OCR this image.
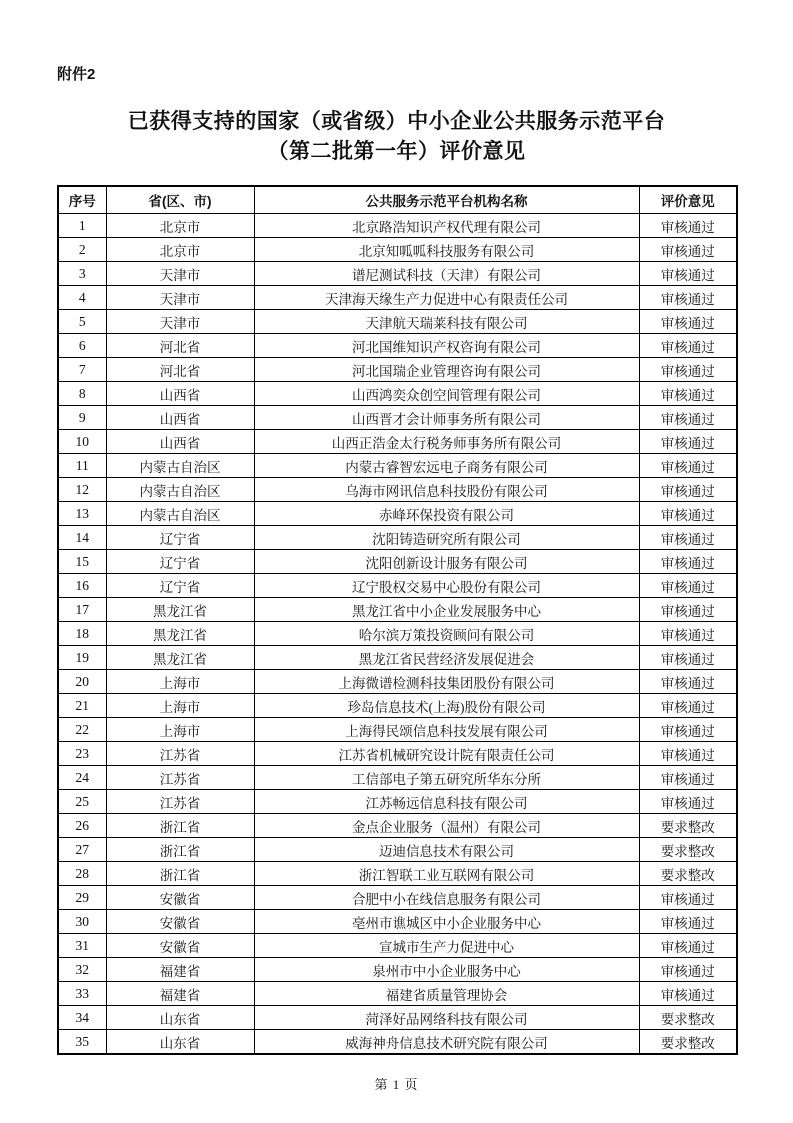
附件2
已获得支持的国家（或省级）中小企业公共服务示范平台
（第二批第一年）评价意见
序号	省(区、市)	公共服务示范平台机构名称	评价意见
1	北京市	北京路浩知识产权代理有限公司	审核通过
2	北京市	北京知呱呱科技服务有限公司	审核通过
3	天津市	谱尼测试科技（天津）有限公司	审核通过
4	天津市	天津海天缘生产力促进中心有限责任公司	审核通过
5	天津市	天津航天瑞莱科技有限公司	审核通过
6	河北省	河北国维知识产权咨询有限公司	审核通过
7	河北省	河北国瑞企业管理咨询有限公司	审核通过
8	山西省	山西鸿奕众创空间管理有限公司	审核通过
9	山西省	山西晋才会计师事务所有限公司	审核通过
10	山西省	山西正浩金太行税务师事务所有限公司	审核通过
11	内蒙古自治区	内蒙古睿智宏远电子商务有限公司	审核通过
12	内蒙古自治区	乌海市网讯信息科技股份有限公司	审核通过
13	内蒙古自治区	赤峰环保投资有限公司	审核通过
14	辽宁省	沈阳铸造研究所有限公司	审核通过
15	辽宁省	沈阳创新设计服务有限公司	审核通过
16	辽宁省	辽宁股权交易中心股份有限公司	审核通过
17	黑龙江省	黑龙江省中小企业发展服务中心	审核通过
18	黑龙江省	哈尔滨万策投资顾问有限公司	审核通过
19	黑龙江省	黑龙江省民营经济发展促进会	审核通过
20	上海市	上海微谱检测科技集团股份有限公司	审核通过
21	上海市	珍岛信息技术(上海)股份有限公司	审核通过
22	上海市	上海得民颂信息科技发展有限公司	审核通过
23	江苏省	江苏省机械研究设计院有限责任公司	审核通过
24	江苏省	工信部电子第五研究所华东分所	审核通过
25	江苏省	江苏畅远信息科技有限公司	审核通过
26	浙江省	金点企业服务（温州）有限公司	要求整改
27	浙江省	迈迪信息技术有限公司	要求整改
28	浙江省	浙江智联工业互联网有限公司	要求整改
29	安徽省	合肥中小在线信息服务有限公司	审核通过
30	安徽省	亳州市谯城区中小企业服务中心	审核通过
31	安徽省	宣城市生产力促进中心	审核通过
32	福建省	泉州市中小企业服务中心	审核通过
33	福建省	福建省质量管理协会	审核通过
34	山东省	菏泽好品网络科技有限公司	要求整改
35	山东省	威海神舟信息技术研究院有限公司	要求整改
第 1 页
